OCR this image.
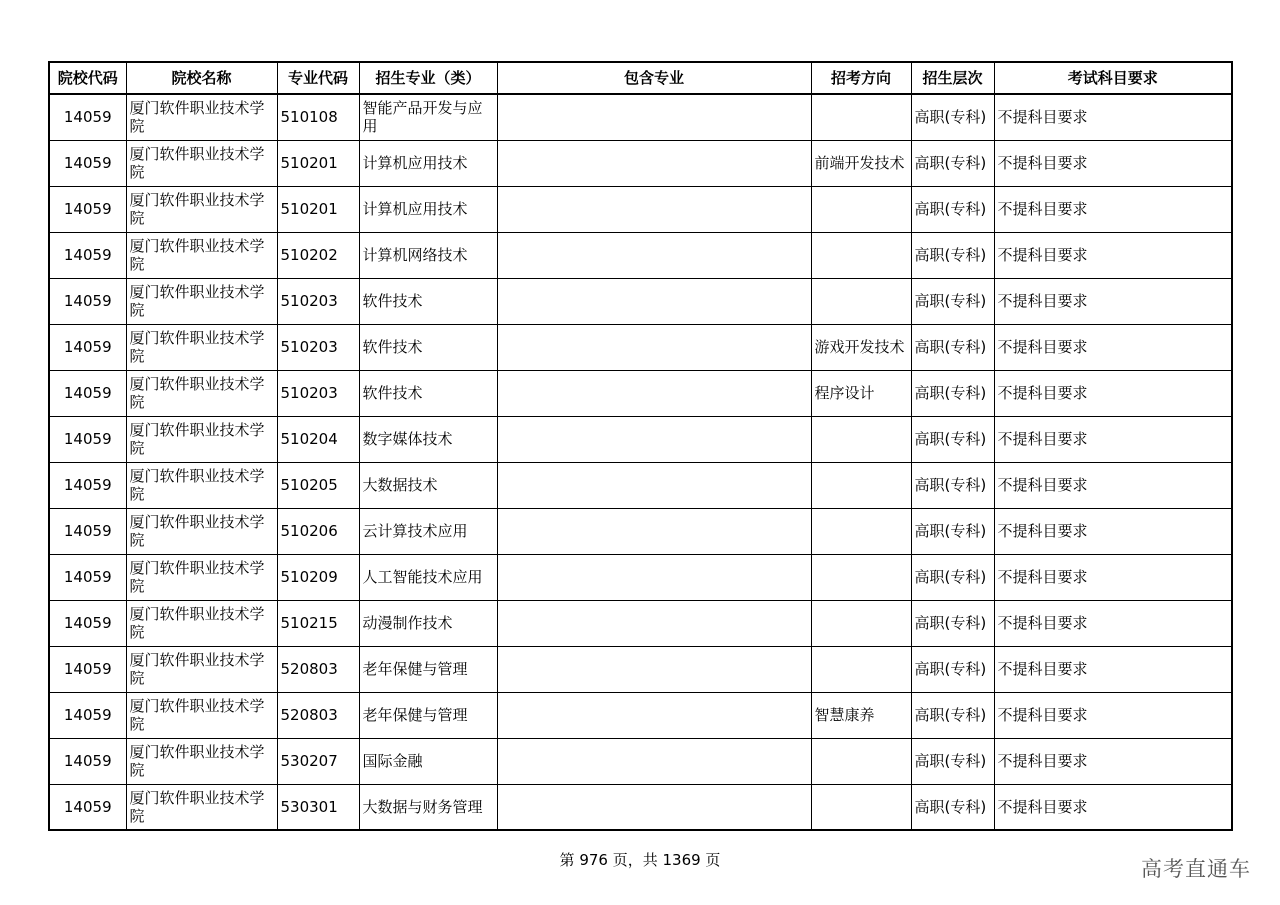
院校代码	院校名称	专业代码	招生专业（类）	包含专业	招考方向	招生层次	考试科目要求
14059	厦门软件职业技术学院	510108	智能产品开发与应用			高职(专科)	不提科目要求
14059	厦门软件职业技术学院	510201	计算机应用技术		前端开发技术	高职(专科)	不提科目要求
14059	厦门软件职业技术学院	510201	计算机应用技术			高职(专科)	不提科目要求
14059	厦门软件职业技术学院	510202	计算机网络技术			高职(专科)	不提科目要求
14059	厦门软件职业技术学院	510203	软件技术			高职(专科)	不提科目要求
14059	厦门软件职业技术学院	510203	软件技术		游戏开发技术	高职(专科)	不提科目要求
14059	厦门软件职业技术学院	510203	软件技术		程序设计	高职(专科)	不提科目要求
14059	厦门软件职业技术学院	510204	数字媒体技术			高职(专科)	不提科目要求
14059	厦门软件职业技术学院	510205	大数据技术			高职(专科)	不提科目要求
14059	厦门软件职业技术学院	510206	云计算技术应用			高职(专科)	不提科目要求
14059	厦门软件职业技术学院	510209	人工智能技术应用			高职(专科)	不提科目要求
14059	厦门软件职业技术学院	510215	动漫制作技术			高职(专科)	不提科目要求
14059	厦门软件职业技术学院	520803	老年保健与管理			高职(专科)	不提科目要求
14059	厦门软件职业技术学院	520803	老年保健与管理		智慧康养	高职(专科)	不提科目要求
14059	厦门软件职业技术学院	530207	国际金融			高职(专科)	不提科目要求
14059	厦门软件职业技术学院	530301	大数据与财务管理			高职(专科)	不提科目要求
第 976 页，共 1369 页	高考直通车
